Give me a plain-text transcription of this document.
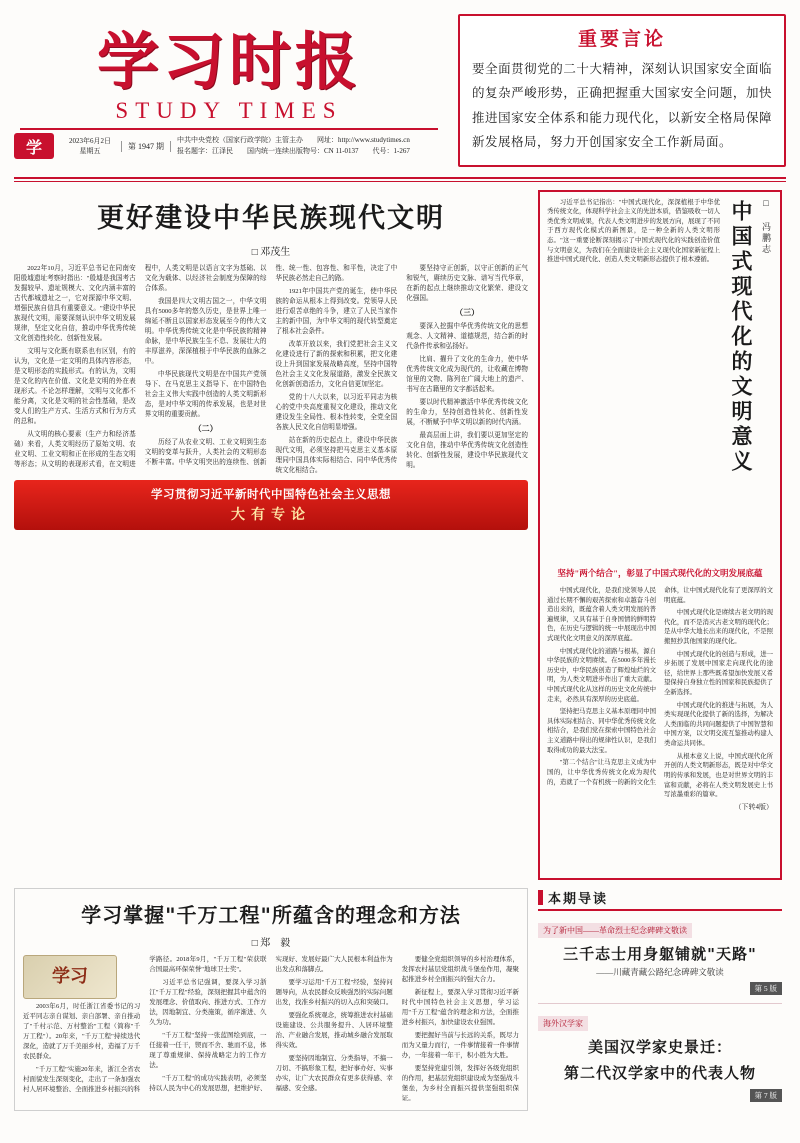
学习时报
STUDY TIMES
学	2023年6月2日
星期五
第 1947 期
中共中央党校（国家行政学院）主管主办　　网址：http://www.studytimes.cn
报名题字：江泽民　　国内统一连续出版物号：CN 11-0137　　代号：1-267
重要言论
要全面贯彻党的二十大精神，深刻认识国家安全面临的复杂严峻形势，正确把握重大国家安全问题，加快推进国家安全体系和能力现代化，以新安全格局保障新发展格局，努力开创国家安全工作新局面。
更好建设中华民族现代文明
□ 邓茂生

2022年10月，习近平总书记在同南安阳殷墟遗址考察时指出："殷墟是我国考古发掘较早、遗址规模大、文化内涵丰富的古代都城遗址之一，它对探源中华文明、增强民族自信具有重要意义。"建设中华民族现代文明，需要深刻认识中华文明发展规律，坚定文化自信，推动中华优秀传统文化创造性转化、创新性发展。

文明与文化既有联系也有区别，有的认为，文化是一定文明的具体内容形态，是文明形态的实践形式。有的认为，文明是文化的内在价值、文化是文明的外在表现形式。不论怎样理解，文明与文化都不能分离，文化是文明的社会性基础，是改变人们的生产方式、生活方式和行为方式的总和。

从文明的核心要素（生产力和经济基础）来看，人类文明经历了原始文明、农业文明、工业文明和正在形成的生态文明等形态；从文明的表现形式看，在文明进程中，人类文明是以语言文字为基础、以文化为载体、以经济社会制度为保障的综合体系。

我国是四大文明古国之一，中华文明具有5000多年的悠久历史，是世界上唯一绵延不断且以国家形态发展至今的伟大文明。中华优秀传统文化是中华民族的精神命脉，是中华民族生生不息、发展壮大的丰厚滋养，深深植根于中华民族的血脉之中。

中华民族现代文明是在中国共产党领导下、在马克思主义指导下、在中国特色社会主义伟大实践中创造的人类文明新形态，是对中华文明的传承发展，也是对世界文明的重要贡献。

（二）

历经了从农业文明、工业文明到生态文明的变革与跃升，人类社会的文明形态不断丰富。中华文明突出的连续性、创新性、统一性、包容性、和平性，决定了中华民族必然走自己的路。

1921年中国共产党的诞生，使中华民族的命运从根本上得到改变。党领导人民进行艰苦卓绝的斗争，建立了人民当家作主的新中国，为中华文明的现代转型奠定了根本社会条件。

改革开放以来，我们党把社会主义文化建设进行了新的探索和积累，把文化建设上升到国家发展战略高度，坚持中国特色社会主义文化发展道路，激发全民族文化创新创造活力，文化自信更加坚定。

党的十八大以来，以习近平同志为核心的党中央高度重视文化建设，推动文化建设发生全局性、根本性转变，全党全国各族人民文化自信明显增强。

站在新的历史起点上，建设中华民族现代文明，必须坚持把马克思主义基本原理同中国具体实际相结合、同中华优秀传统文化相结合。

要坚持守正创新，以守正创新的正气和锐气，赓续历史文脉、谱写当代华章，在新的起点上继续推动文化繁荣、建设文化强国。

（三）

要深入挖掘中华优秀传统文化的思想观念、人文精神、道德规范，结合新的时代条件传承和弘扬好。

比肩、擢升了文化的生命力，使中华优秀传统文化成为现代的，让收藏在博物馆里的文物、陈列在广阔大地上的遗产、书写在古籍里的文字都活起来。

要以时代精神激活中华优秀传统文化的生命力，坚持创造性转化、创新性发展，不断赋予中华文明以新的时代内涵。

最高层面上讲，我们要以更加坚定的文化自信，推动中华优秀传统文化创造性转化、创新性发展，建设中华民族现代文明。

学习贯彻习近平新时代中国特色社会主义思想
大有专论

习近平总书记指出："中国式现代化，深深植根于中华优秀传统文化，体现科学社会主义的先进本质，借鉴吸收一切人类优秀文明成果，代表人类文明进步的发展方向，展现了不同于西方现代化模式的新图景，是一种全新的人类文明形态。"这一重要论断深刻揭示了中国式现代化的实践创造价值与文明意义，为我们在全面建设社会主义现代化国家新征程上推进中国式现代化、创造人类文明新形态提供了根本遵循。 中国式现代化的文明意义 □ 冯鹏志
坚持"两个结合"，彰显了中国式现代化的文明发展底蕴

中国式现代化，是我们党领导人民通过长期不懈的艰苦探索和卓越奋斗创造出来的，既蕴含着人类文明发展的普遍规律，又具有基于自身国情的鲜明特色，在历史与逻辑的统一中展现出中国式现代化文明意义的深厚底蕴。

中国式现代化的道路与根基，源自中华民族的文明赓续。在5000多年漫长历史中，中华民族创造了辉煌灿烂的文明，为人类文明进步作出了重大贡献。中国式现代化从这样的历史文化传统中走来，必然具有深厚的历史底蕴。

坚持把马克思主义基本原理同中国具体实际相结合、同中华优秀传统文化相结合，是我们党在探索中国特色社会主义道路中得出的规律性认识，是我们取得成功的最大法宝。

"第二个结合"让马克思主义成为中国的，让中华优秀传统文化成为现代的，造就了一个有机统一的新的文化生命体，让中国式现代化有了更深厚的文明底蕴。

中国式现代化是赓续古老文明的现代化，而不是消灭古老文明的现代化；是从中华大地长出来的现代化，不是照搬照抄其他国家的现代化。

中国式现代化的创造与形成，进一步拓展了发展中国家走向现代化的途径，给世界上那些既希望加快发展又希望保持自身独立性的国家和民族提供了全新选择。

中国式现代化的推进与拓展，为人类实现现代化提供了新的选择，为解决人类面临的共同问题提供了中国智慧和中国方案，以文明交流互鉴推动构建人类命运共同体。

从根本意义上说，中国式现代化所开创的人类文明新形态，既是对中华文明的传承和发展，也是对世界文明的丰富和贡献，必将在人类文明发展史上书写浓墨重彩的篇章。

（下转4版）
学习掌握"千万工程"所蕴含的理念和方法
□ 郑　毅
学习

2003年6月，时任浙江省委书记的习近平同志亲自谋划、亲自部署、亲自推动了"千村示范、万村整治"工程（简称"千万工程"）。20年来，"千万工程"持续迭代深化，造就了万千美丽乡村，造福了万千农民群众。

"千万工程"实施20年来，浙江全省农村面貌发生深刻变化，走出了一条加强农村人居环境整治、全面推进乡村振兴的科学路径。2018年9月，"千万工程"荣获联合国最高环保荣誉"地球卫士奖"。

习近平总书记强调，要深入学习浙江"千万工程"经验，深刻把握其中蕴含的发展理念、价值取向、推进方式、工作方法，因地制宜、分类施策，循序渐进、久久为功。

"千万工程"坚持一张蓝图绘到底，一任接着一任干，锲而不舍、驰而不息，体现了尊重规律、保持战略定力的工作方法。

"千万工程"的成功实践表明，必须坚持以人民为中心的发展思想，把维护好、实现好、发展好最广大人民根本利益作为出发点和落脚点。

要学习运用"千万工程"经验，坚持问题导向，从农民群众反映强烈的实际问题出发，找准乡村振兴的切入点和突破口。

要强化系统观念，统筹推进农村基础设施建设、公共服务提升、人居环境整治、产业融合发展，推动城乡融合发展取得实效。

要坚持因地制宜、分类指导，不搞一刀切、不搞形象工程，把好事办好、实事办实，让广大农民群众有更多获得感、幸福感、安全感。

要健全党组织领导的乡村治理体系，发挥农村基层党组织战斗堡垒作用，凝聚起推进乡村全面振兴的强大合力。

新征程上，要深入学习贯彻习近平新时代中国特色社会主义思想，学习运用"千万工程"蕴含的理念和方法，全面推进乡村振兴，加快建设农业强国。

要把握好当前与长远的关系，既尽力而为又量力而行，一件事情接着一件事情办，一年接着一年干，积小胜为大胜。

要坚持党建引领，发挥好各级党组织的作用，把基层党组织建设成为坚强战斗堡垒，为乡村全面振兴提供坚强组织保证。

本期导读
为了新中国——革命烈士纪念碑碑文敬读
三千志士用身躯铺就"天路"
——川藏青藏公路纪念碑碑文敬读
第 5 版
海外汉学家
美国汉学家史景迁：
第二代汉学家中的代表人物
第 7 版
